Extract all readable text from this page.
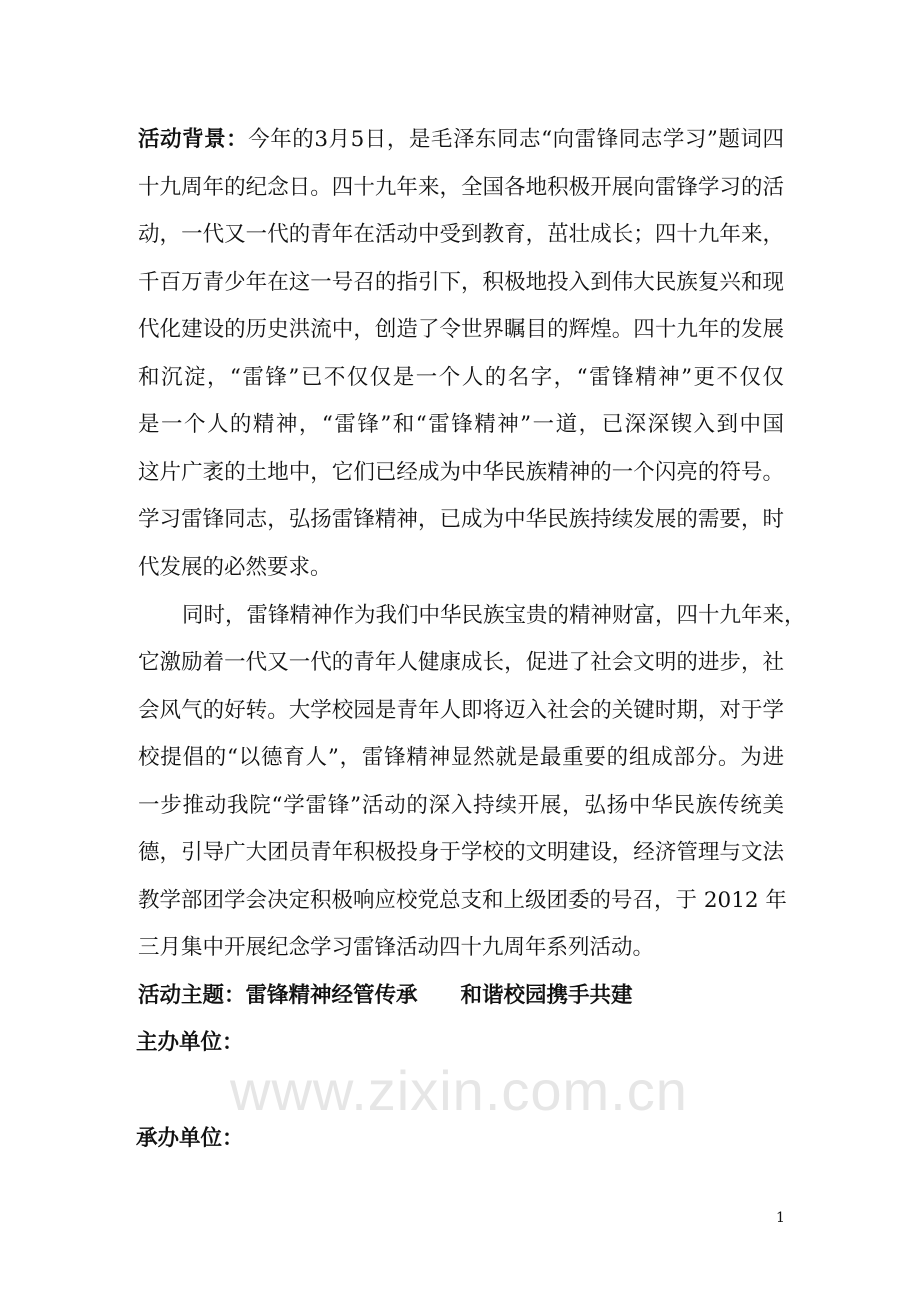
www.zixin.com.cn
活动背景：今年的3月5日，是毛泽东同志“向雷锋同志学习”题词四
十九周年的纪念日。四十九年来，全国各地积极开展向雷锋学习的活
动，一代又一代的青年在活动中受到教育，茁壮成长；四十九年来，
千百万青少年在这一号召的指引下，积极地投入到伟大民族复兴和现
代化建设的历史洪流中，创造了令世界瞩目的辉煌。四十九年的发展
和沉淀，“雷锋”已不仅仅是一个人的名字，“雷锋精神”更不仅仅
是一个人的精神，“雷锋”和“雷锋精神”一道，已深深锲入到中国
这片广袤的土地中，它们已经成为中华民族精神的一个闪亮的符号。
学习雷锋同志，弘扬雷锋精神，已成为中华民族持续发展的需要，时
代发展的必然要求。
同时，雷锋精神作为我们中华民族宝贵的精神财富，四十九年来，
它激励着一代又一代的青年人健康成长，促进了社会文明的进步，社
会风气的好转。大学校园是青年人即将迈入社会的关键时期，对于学
校提倡的“以德育人”，雷锋精神显然就是最重要的组成部分。为进
一步推动我院“学雷锋”活动的深入持续开展，弘扬中华民族传统美
德，引导广大团员青年积极投身于学校的文明建设，经济管理与文法
教学部团学会决定积极响应校党总支和上级团委的号召，于 2012 年
三月集中开展纪念学习雷锋活动四十九周年系列活动。
活动主题：雷锋精神经管传承　　和谐校园携手共建
主办单位：
承办单位：
1
